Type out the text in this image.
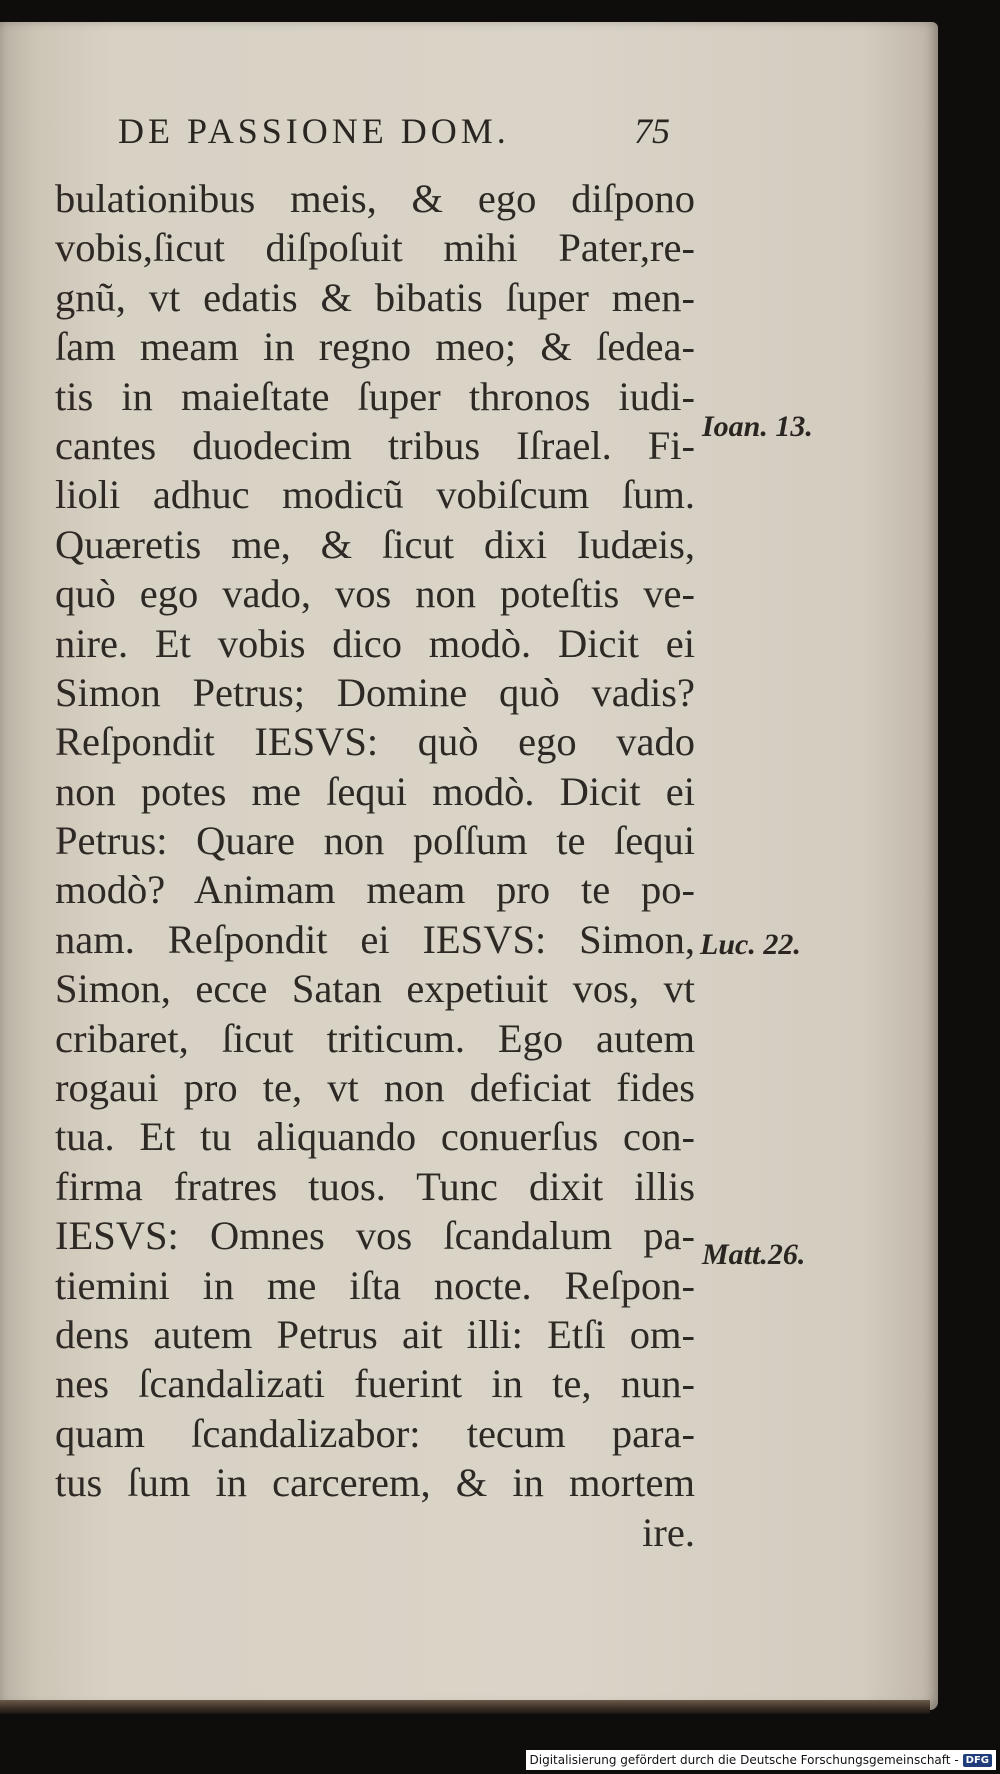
DE PASSIONE DOM.	75
bulationibus meis, & ego diſpono
vobis,ſicut diſpoſuit mihi Pater,re-
gnũ, vt edatis & bibatis ſuper men-
ſam meam in regno meo; & ſedea-
tis in maieſtate ſuper thronos iudi-
cantes duodecim tribus Iſrael. Fi-
lioli adhuc modicũ vobiſcum ſum.
Quæretis me, & ſicut dixi Iudæis,
quò ego vado, vos non poteſtis ve-
nire. Et vobis dico modò. Dicit ei
Simon Petrus; Domine quò vadis?
Reſpondit IESVS: quò ego vado
non potes me ſequi modò. Dicit ei
Petrus: Quare non poſſum te ſequi
modò? Animam meam pro te po-
nam. Reſpondit ei IESVS: Simon,
Simon, ecce Satan expetiuit vos, vt
cribaret, ſicut triticum. Ego autem
rogaui pro te, vt non deficiat fides
tua. Et tu aliquando conuerſus con-
firma fratres tuos. Tunc dixit illis
IESVS: Omnes vos ſcandalum pa-
tiemini in me iſta nocte. Reſpon-
dens autem Petrus ait illi: Etſi om-
nes ſcandalizati fuerint in te, nun-
quam ſcandalizabor: tecum para-
tus ſum in carcerem, & in mortem
ire.
Ioan. 13.
Luc. 22.
Matt.26.
Digitalisierung gefördert durch die Deutsche Forschungsgemeinschaft - DFG
